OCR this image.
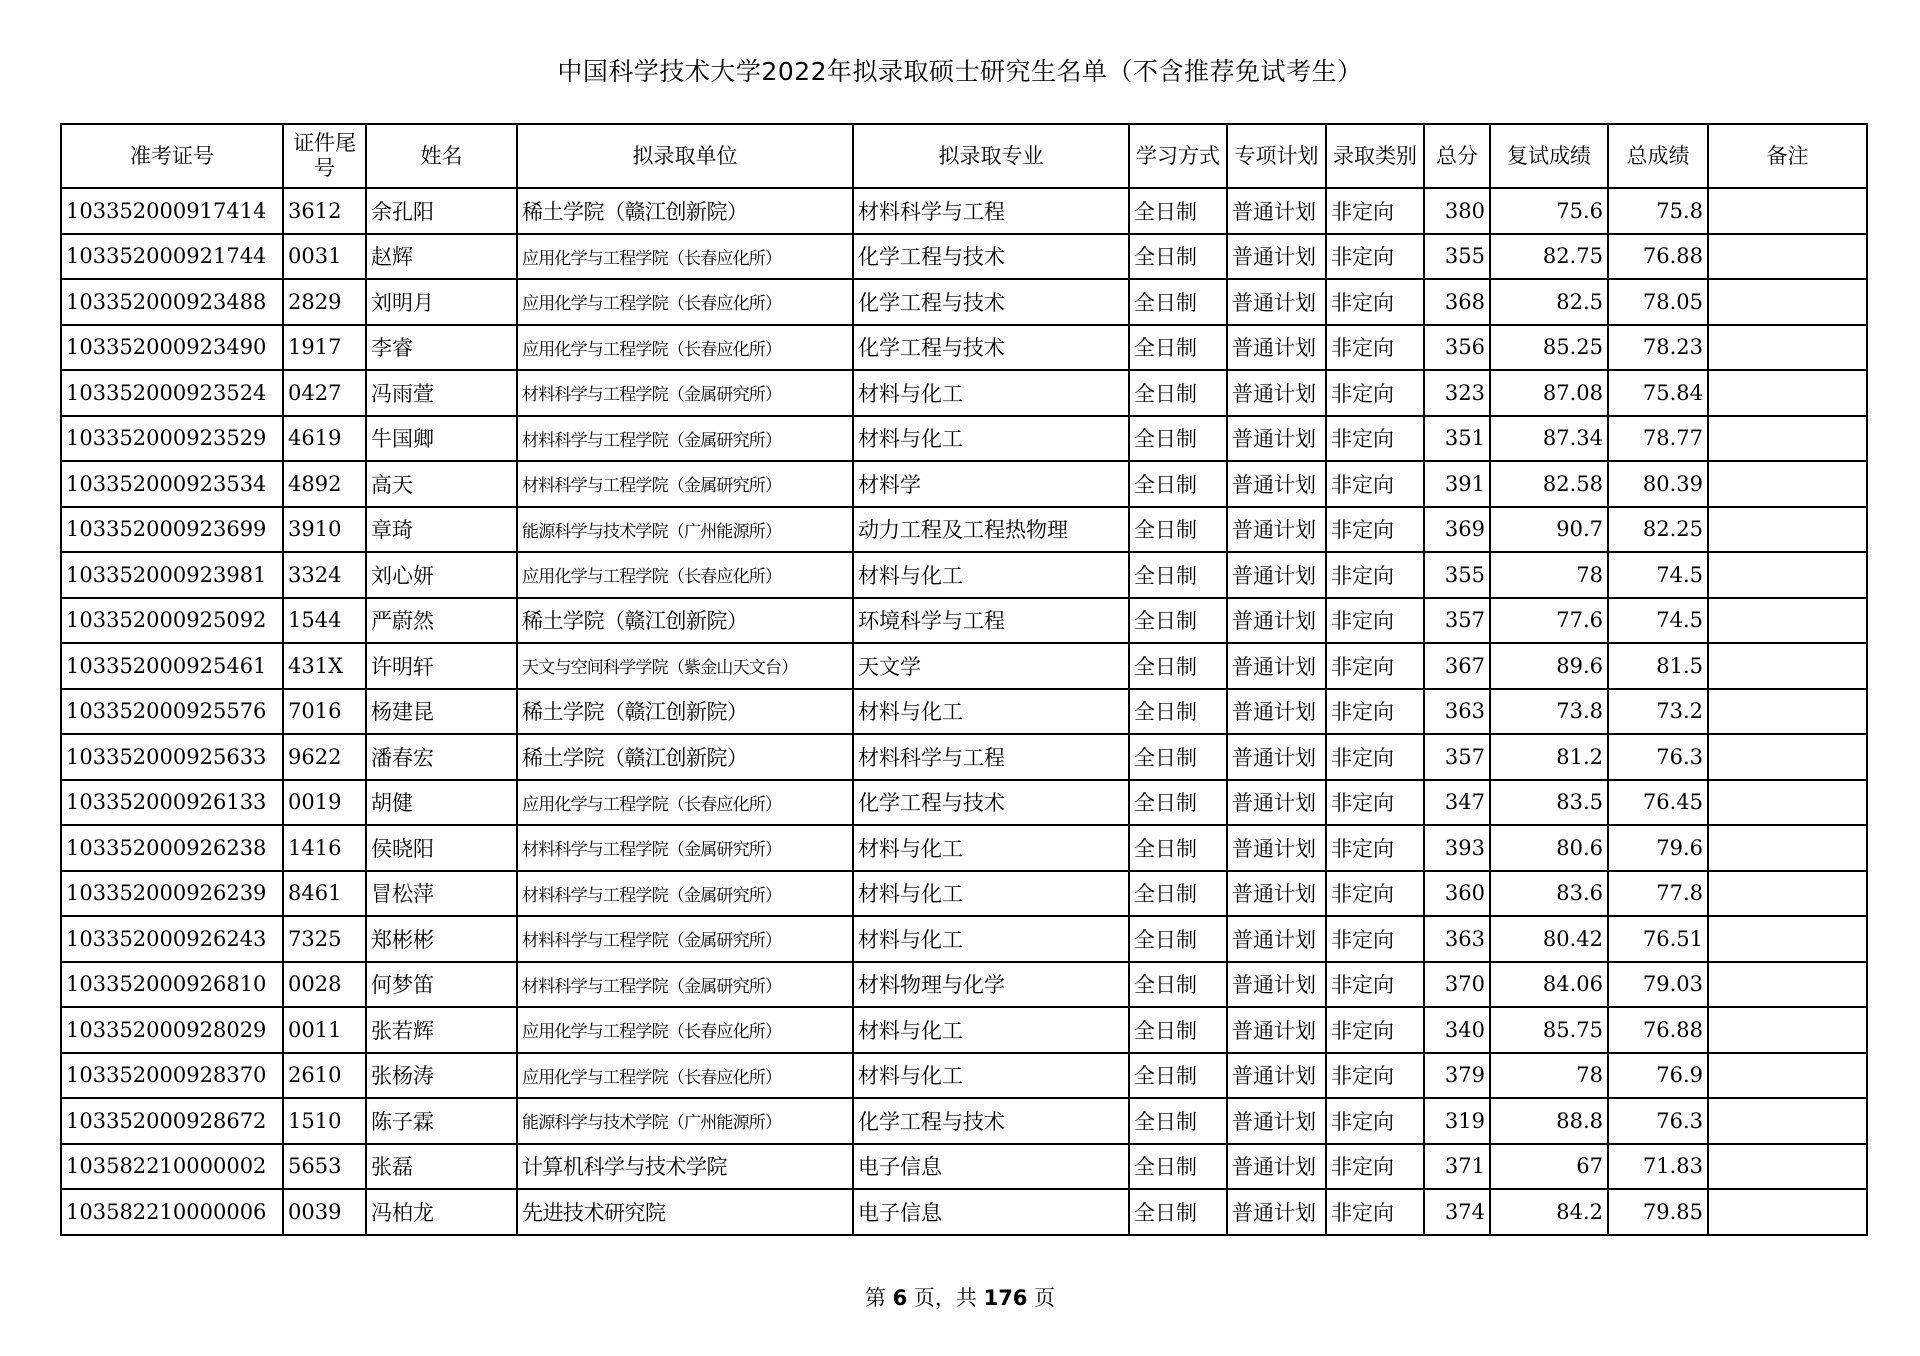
中国科学技术大学2022年拟录取硕士研究生名单（不含推荐免试考生）
准考证号	证件尾号	姓名	拟录取单位	拟录取专业	学习方式	专项计划	录取类别	总分	复试成绩	总成绩	备注
103352000917414	3612	余孔阳	稀土学院（赣江创新院）	材料科学与工程	全日制	普通计划	非定向	380	75.6	75.8	
103352000921744	0031	赵辉	应用化学与工程学院（长春应化所）	化学工程与技术	全日制	普通计划	非定向	355	82.75	76.88	
103352000923488	2829	刘明月	应用化学与工程学院（长春应化所）	化学工程与技术	全日制	普通计划	非定向	368	82.5	78.05	
103352000923490	1917	李睿	应用化学与工程学院（长春应化所）	化学工程与技术	全日制	普通计划	非定向	356	85.25	78.23	
103352000923524	0427	冯雨萱	材料科学与工程学院（金属研究所）	材料与化工	全日制	普通计划	非定向	323	87.08	75.84	
103352000923529	4619	牛国卿	材料科学与工程学院（金属研究所）	材料与化工	全日制	普通计划	非定向	351	87.34	78.77	
103352000923534	4892	高天	材料科学与工程学院（金属研究所）	材料学	全日制	普通计划	非定向	391	82.58	80.39	
103352000923699	3910	章琦	能源科学与技术学院（广州能源所）	动力工程及工程热物理	全日制	普通计划	非定向	369	90.7	82.25	
103352000923981	3324	刘心妍	应用化学与工程学院（长春应化所）	材料与化工	全日制	普通计划	非定向	355	78	74.5	
103352000925092	1544	严蔚然	稀土学院（赣江创新院）	环境科学与工程	全日制	普通计划	非定向	357	77.6	74.5	
103352000925461	431X	许明轩	天文与空间科学学院（紫金山天文台）	天文学	全日制	普通计划	非定向	367	89.6	81.5	
103352000925576	7016	杨建昆	稀土学院（赣江创新院）	材料与化工	全日制	普通计划	非定向	363	73.8	73.2	
103352000925633	9622	潘春宏	稀土学院（赣江创新院）	材料科学与工程	全日制	普通计划	非定向	357	81.2	76.3	
103352000926133	0019	胡健	应用化学与工程学院（长春应化所）	化学工程与技术	全日制	普通计划	非定向	347	83.5	76.45	
103352000926238	1416	侯晓阳	材料科学与工程学院（金属研究所）	材料与化工	全日制	普通计划	非定向	393	80.6	79.6	
103352000926239	8461	冒松萍	材料科学与工程学院（金属研究所）	材料与化工	全日制	普通计划	非定向	360	83.6	77.8	
103352000926243	7325	郑彬彬	材料科学与工程学院（金属研究所）	材料与化工	全日制	普通计划	非定向	363	80.42	76.51	
103352000926810	0028	何梦笛	材料科学与工程学院（金属研究所）	材料物理与化学	全日制	普通计划	非定向	370	84.06	79.03	
103352000928029	0011	张若辉	应用化学与工程学院（长春应化所）	材料与化工	全日制	普通计划	非定向	340	85.75	76.88	
103352000928370	2610	张杨涛	应用化学与工程学院（长春应化所）	材料与化工	全日制	普通计划	非定向	379	78	76.9	
103352000928672	1510	陈子霖	能源科学与技术学院（广州能源所）	化学工程与技术	全日制	普通计划	非定向	319	88.8	76.3	
103582210000002	5653	张磊	计算机科学与技术学院	电子信息	全日制	普通计划	非定向	371	67	71.83	
103582210000006	0039	冯柏龙	先进技术研究院	电子信息	全日制	普通计划	非定向	374	84.2	79.85	
第 6 页，共 176 页
